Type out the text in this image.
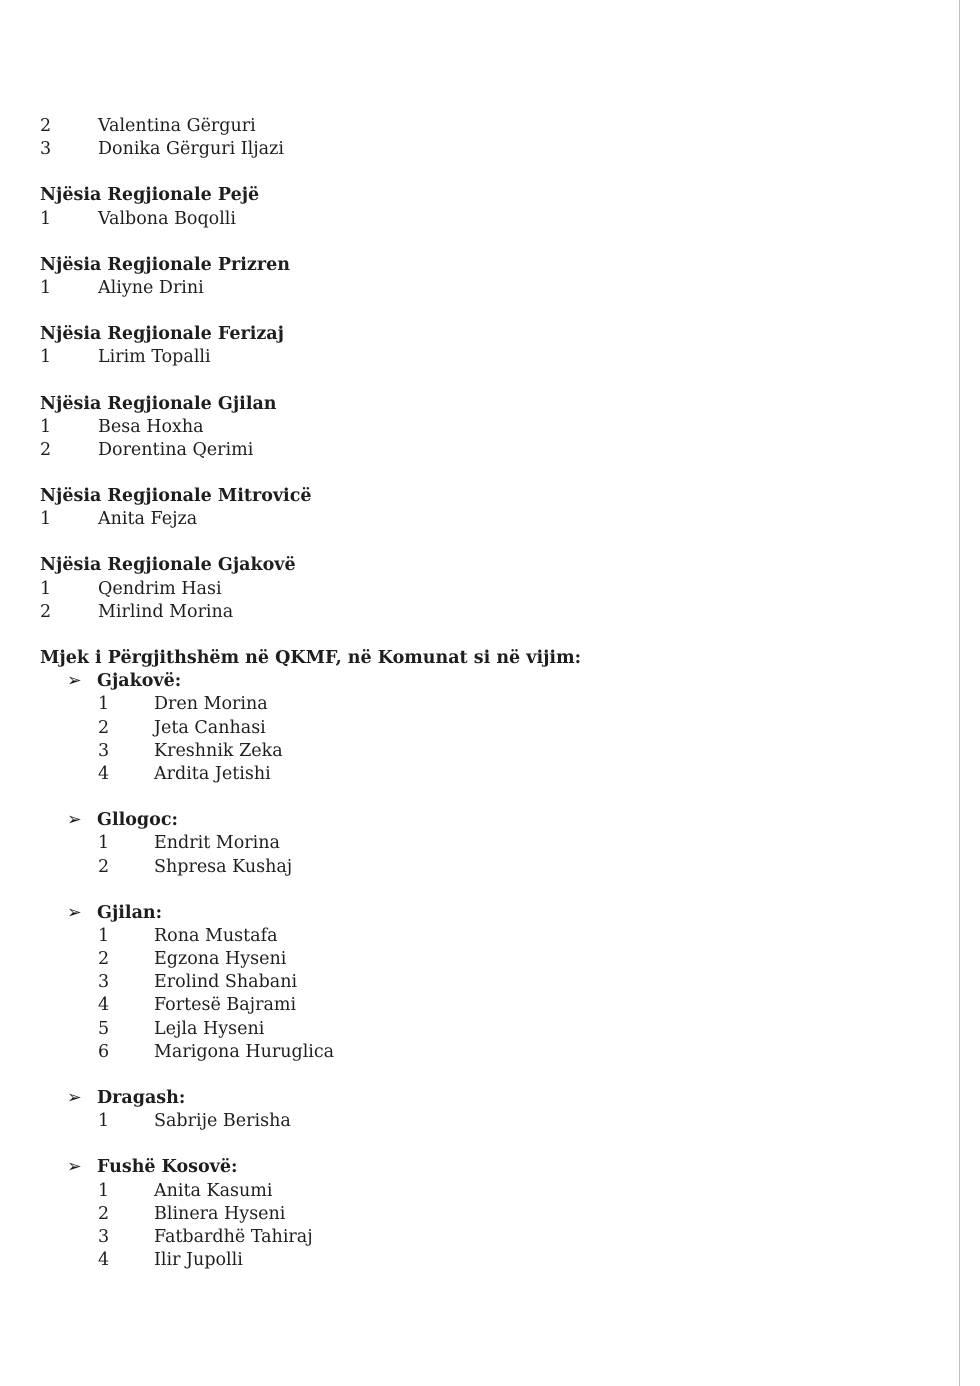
2	Valentina Gërguri
3	Donika Gërguri Iljazi
Njësia Regjionale Pejë
1	Valbona Boqolli
Njësia Regjionale Prizren
1	Aliyne Drini
Njësia Regjionale Ferizaj
1	Lirim Topalli
Njësia Regjionale Gjilan
1	Besa Hoxha
2	Dorentina Qerimi
Njësia Regjionale Mitrovicë
1	Anita Fejza
Njësia Regjionale Gjakovë
1	Qendrim Hasi
2	Mirlind Morina
Mjek i Përgjithshëm në QKMF, në Komunat si në vijim:
➢ Gjakovë:
1	Dren Morina
2	Jeta Canhasi
3	Kreshnik Zeka
4	Ardita Jetishi
➢ Gllogoc:
1	Endrit Morina
2	Shpresa Kushaj
➢ Gjilan:
1	Rona Mustafa
2	Egzona Hyseni
3	Erolind Shabani
4	Fortesë Bajrami
5	Lejla Hyseni
6	Marigona Huruglica
➢ Dragash:
1	Sabrije Berisha
➢ Fushë Kosovë:
1	Anita Kasumi
2	Blinera Hyseni
3	Fatbardhë Tahiraj
4	Ilir Jupolli
